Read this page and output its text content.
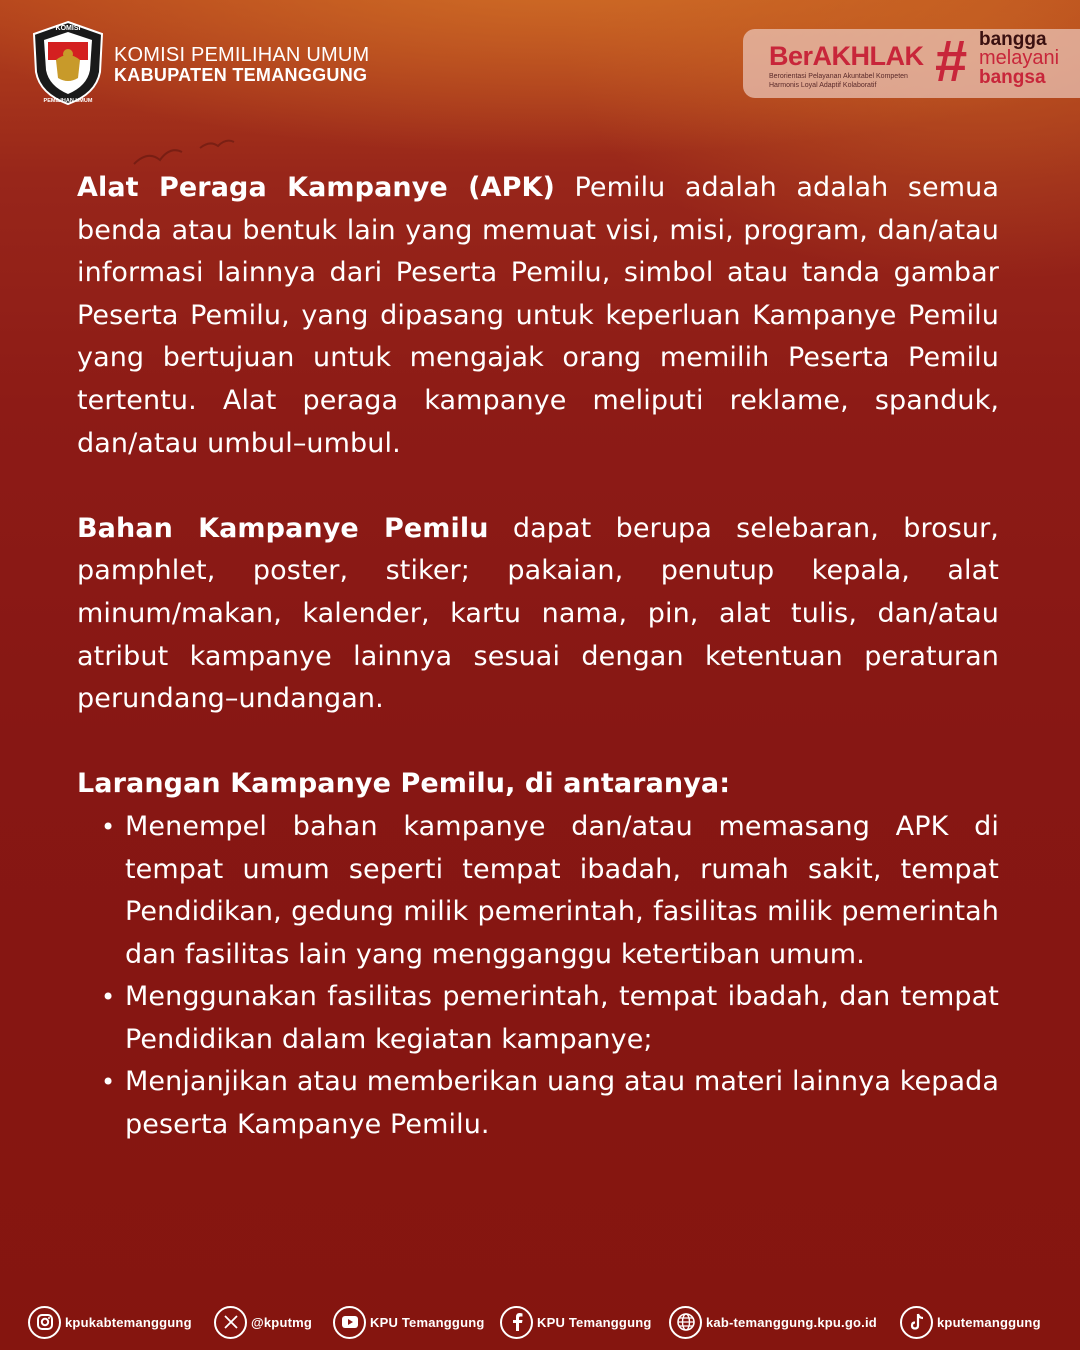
KOMISI
PEMILIHAN UMUM
KOMISI PEMILIHAN UMUM
KABUPATEN TEMANGGUNG
BerAKHLAK
Berorientasi Pelayanan Akuntabel Kompeten Harmonis Loyal Adaptif Kolaboratif	# bangga
melayani
bangsa

Alat Peraga Kampanye (APK) Pemilu adalah adalah semua benda atau bentuk lain yang memuat visi, misi, program, dan/atau informasi lainnya dari Peserta Pemilu, simbol atau tanda gambar Peserta Pemilu, yang dipasang untuk keperluan Kampanye Pemilu yang bertujuan untuk mengajak orang memilih Peserta Pemilu tertentu. Alat peraga kampanye meliputi reklame, spanduk, dan/atau umbul–umbul.

Bahan Kampanye Pemilu dapat berupa selebaran, brosur, pamphlet, poster, stiker; pakaian, penutup kepala, alat minum/makan, kalender, kartu nama, pin, alat tulis, dan/atau atribut kampanye lainnya sesuai dengan ketentuan peraturan perundang–undangan.

Larangan Kampanye Pemilu, di antaranya:
• Menempel bahan kampanye dan/atau memasang APK di tempat umum seperti tempat ibadah, rumah sakit, tempat Pendidikan, gedung milik pemerintah, fasilitas milik pemerintah dan fasilitas lain yang mengganggu ketertiban umum.
• Menggunakan fasilitas pemerintah, tempat ibadah, dan tempat Pendidikan dalam kegiatan kampanye;
• Menjanjikan atau memberikan uang atau materi lainnya kepada peserta Kampanye Pemilu.
kpukabtemanggung	@kputmg	KPU Temanggung	KPU Temanggung	kab-temanggung.kpu.go.id	kputemanggung
